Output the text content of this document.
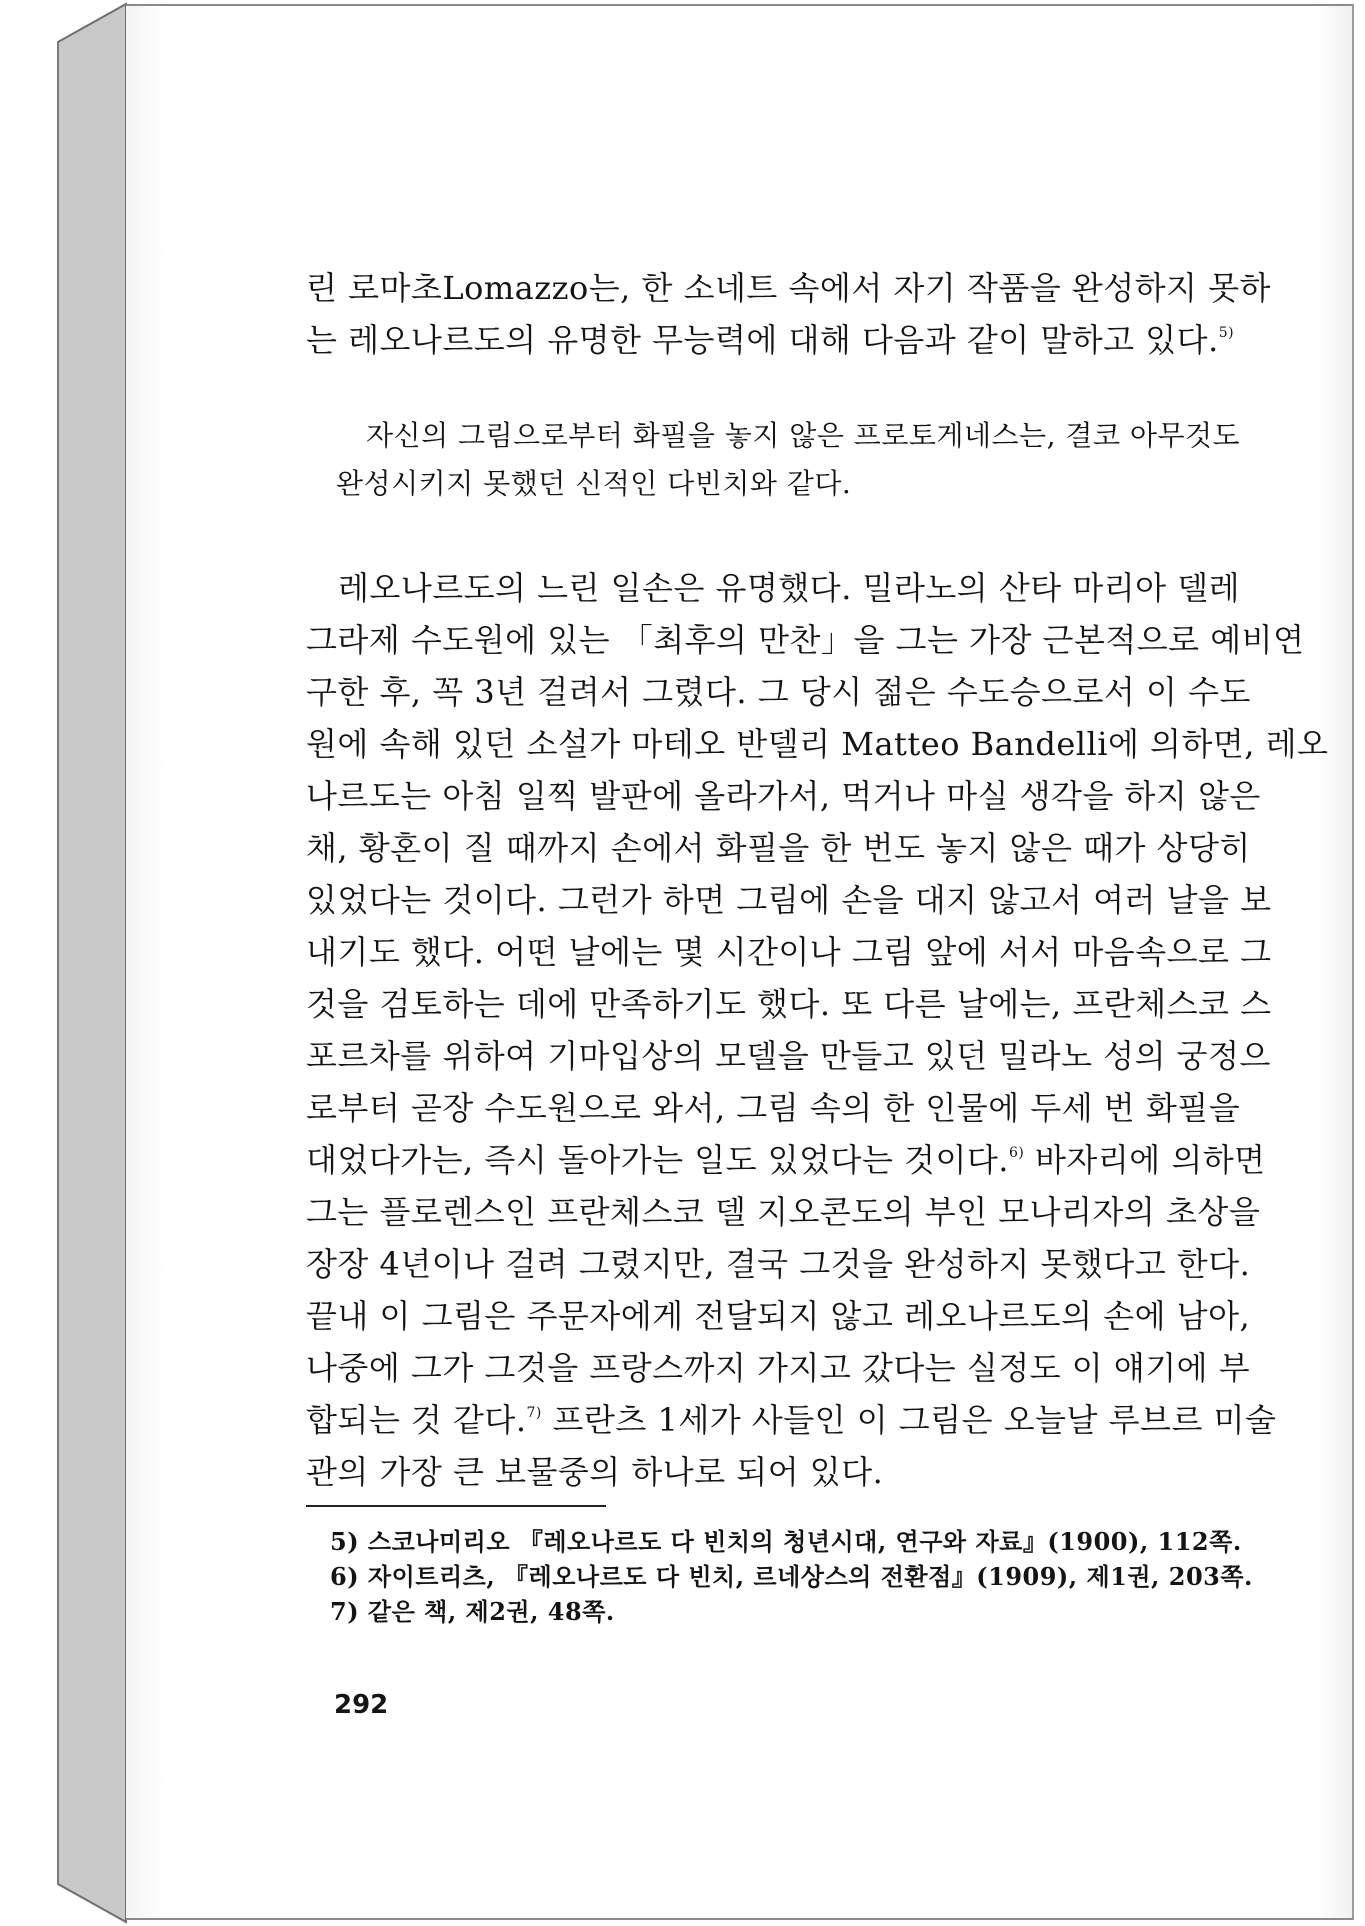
린 로마초Lomazzo는, 한 소네트 속에서 자기 작품을 완성하지 못하
는 레오나르도의 유명한 무능력에 대해 다음과 같이 말하고 있다.$^{5)}$
자신의 그림으로부터 화필을 놓지 않은 프로토게네스는, 결코 아무것도
완성시키지 못했던 신적인 다빈치와 같다.
레오나르도의 느린 일손은 유명했다. 밀라노의 산타 마리아 델레
그라제 수도원에 있는 「최후의 만찬」을 그는 가장 근본적으로 예비연
구한 후, 꼭 3년 걸려서 그렸다. 그 당시 젊은 수도승으로서 이 수도
원에 속해 있던 소설가 마테오 반델리 Matteo Bandelli에 의하면, 레오
나르도는 아침 일찍 발판에 올라가서, 먹거나 마실 생각을 하지 않은
채, 황혼이 질 때까지 손에서 화필을 한 번도 놓지 않은 때가 상당히
있었다는 것이다. 그런가 하면 그림에 손을 대지 않고서 여러 날을 보
내기도 했다. 어떤 날에는 몇 시간이나 그림 앞에 서서 마음속으로 그
것을 검토하는 데에 만족하기도 했다. 또 다른 날에는, 프란체스코 스
포르차를 위하여 기마입상의 모델을 만들고 있던 밀라노 성의 궁정으
로부터 곧장 수도원으로 와서, 그림 속의 한 인물에 두세 번 화필을
대었다가는, 즉시 돌아가는 일도 있었다는 것이다.$^{6)}$ 바자리에 의하면
그는 플로렌스인 프란체스코 델 지오콘도의 부인 모나리자의 초상을
장장 4년이나 걸려 그렸지만, 결국 그것을 완성하지 못했다고 한다.
끝내 이 그림은 주문자에게 전달되지 않고 레오나르도의 손에 남아,
나중에 그가 그것을 프랑스까지 가지고 갔다는 실정도 이 얘기에 부
합되는 것 같다.$^{7)}$ 프란츠 1세가 사들인 이 그림은 오늘날 루브르 미술
관의 가장 큰 보물중의 하나로 되어 있다.
5) 스코나미리오 『레오나르도 다 빈치의 청년시대, 연구와 자료』(1900), 112쪽.
6) 자이트리츠, 『레오나르도 다 빈치, 르네상스의 전환점』(1909), 제1권, 203쪽.
7) 같은 책, 제2권, 48쪽.
292
